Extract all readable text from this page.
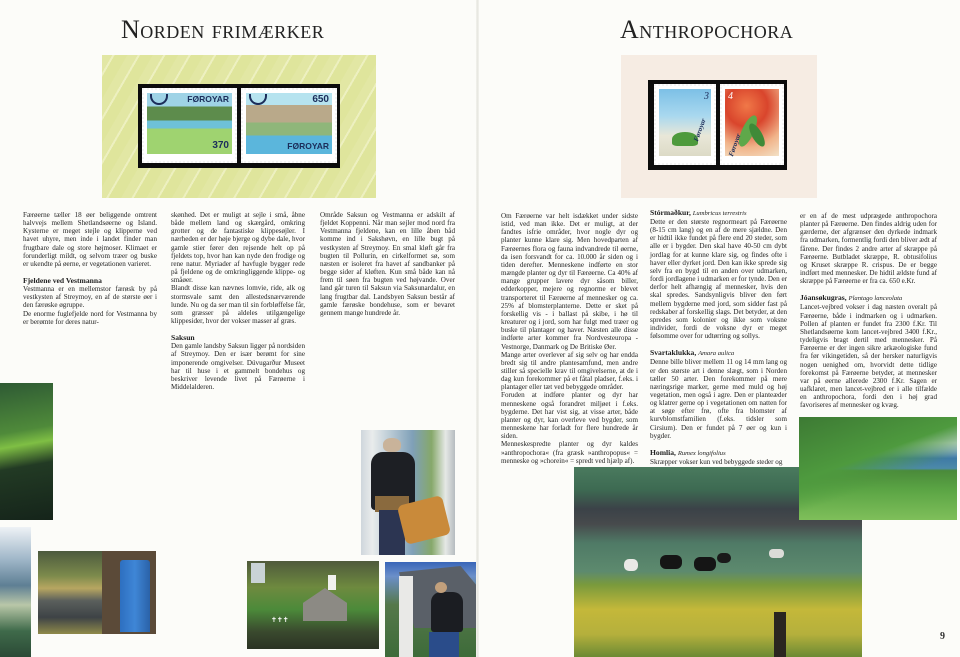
Norden frimærker
FØROYAR
370
650
FØROYAR

Færøerne tæller 18 øer beliggende omtrent halvvejs mellem Shetlandsøerne og Island. Kysterne er meget stejle og klipperne ved havet uhyre, men inde i landet finder man frugtbare dale og store højmoser. Klimaet er forunderligt mildt, og selvom træer og buske er ukendte på øerne, er vegetationen varieret.

Fjeldene ved Vestmanna

Vestmanna er en mellemstor færøsk by på vestkysten af Streymoy, en af de største øer i den færøske øgruppe.

De enorme fuglefjelde nord for Vestmanna by er berømte for deres natur-

skønhed. Det er muligt at sejle i små, åbne både mellem land og skærgård, omkring grotter og de fantastiske klippesøjler. I nærheden er der høje bjerge og dybe dale, hvor gamle stier fører den rejsende helt op på fjeldets top, hvor han kan nyde den frodige og rene natur. Myriader af havfugle bygger rede på fjeldene og de omkringliggende klippe- og småøer.

Blandt disse kan nævnes lomvie, ride, alk og stormsvale samt den allestedsnærværende lunde. Nu og da ser man til sin forbløffelse får, som græsser på aldeles utilgængelige klippesider, hvor der vokser masser af græs.

Saksun

Den gamle landsby Saksun ligger på nordsiden af Streymoy. Den er især berømt for sine imponerende omgivelser. Dúvugarður Museet har til huse i et gammelt bondehus og beskriver levende livet på Færøerne i Middelalderen.

Område Saksun og Vestmanna er adskilt af fjeldet Koppenni. Når man sejler mod nord fra Vestmanna fjeldene, kan en lille åben båd komme ind i Sakshøvn, en lille bugt på vestkysten af Streymoy. En smal kløft går fra bugten til Pollurin, en cirkelformet sø, som næsten er isoleret fra havet af sandbanker på begge sider af kløften. Kun små både kan nå frem til søen fra bugten ved højvande. Over land går turen til Saksun via Saksunardalur, en lang frugtbar dal. Landsbyen Saksun består af gamle færøske bondehuse, som er bevaret gennem mange hundrede år.

✝✝✝
Anthropochora
3
Føroyar
4
Føroyar

Om Færøerne var helt isdækket under sidste istid, ved man ikke. Det er muligt, at der fandtes isfrie områder, hvor nogle dyr og planter kunne klare sig. Men hovedparten af Færøernes flora og fauna indvandrede til øerne, da isen forsvandt for ca. 10.000 år siden og i tiden derefter. Menneskene indførte en stor mængde planter og dyr til Færøerne. Ca 40% af mange grupper lavere dyr såsom biller, edderkopper, mejere og regnorme er blevet transporteret til Færøerne af mennesker og ca. 25% af blomsterplanterne. Dette er sket på forskellig vis - i ballast på skibe, i hø til kreaturer og i jord, som har fulgt med træer og buske til plantager og haver. Næsten alle disse indførte arter kommer fra Nordvesteuropa - Vestnorge, Danmark og De Britiske Øer.

Mange arter overlever af sig selv og har endda bredt sig til andre plantesamfund, men andre stiller så specielle krav til omgivelserne, at de i dag kun forekommer på et fåtal pladser, f.eks. i plantager eller tæt ved bebyggede områder.

Foruden at indføre planter og dyr har menneskene også forandret miljøet i f.eks. bygderne. Det har vist sig, at visse arter, både planter og dyr, kan overleve ved bygder, som menneskene har forladt for flere hundrede år siden.

Menneskespredte planter og dyr kaldes »anthropochora« (fra græsk »anthropopus« = menneske og »chorein« = spredt ved hjælp af).

Stórmaðkur, Lumbricus terrestris

Dette er den største regnormeart på Færøerne (8-15 cm lang) og en af de mere sjældne. Den er hidtil ikke fundet på flere end 20 steder, som alle er i bygder. Den skal have 40-50 cm dybt jordlag for at kunne klare sig, og findes ofte i haver eller dyrket jord. Den kan ikke sprede sig selv fra en bygd til en anden over udmarken, fordi jordlagene i udmarken er for tynde. Den er derfor helt afhængig af mennesker, hvis den skal spredes. Sandsynligvis bliver den ført mellem bygderne med jord, som sidder fast på redskaber af forskellig slags. Det betyder, at den spredes som kolonier og ikke som voksne individer, fordi de voksne dyr er meget følsomme over for udtørring og sollys.

Svartaklukka, Amara aulica

Denne bille bliver mellem 11 og 14 mm lang og er den største art i denne slægt, som i Norden tæller 50 arter. Den forekommer på mere næringsrige marker, gerne med muld og høj vegetation, men også i agre. Den er planteæder og klatrer gerne op i vegetationen om natten for at søge efter frø, ofte fra blomster af kurvblomstfamilien (f.eks. tidsler som Cirsium). Den er fundet på 7 øer og kun i bygder.

Homlia, Rumex longifolius

Skræpper vokser kun ved bebyggede steder og

er en af de mest udprægede anthropochora planter på Færøerne. Den findes aldrig uden for gærderne, der afgrænser den dyrkede indmark fra udmarken, formentlig fordi den bliver ædt af fårene. Der findes 2 andre arter af skræppe på Færøerne. Butbladet skræppe, R. obtusifolius og Kruset skræppe R. crispus. De er begge indført med mennesker. De hidtil ældste fund af skræppe på Færøerne er fra ca. 650 e.Kr.

Jóansøkugras, Plantago lanceolata

Lancet-vejbred vokser i dag næsten overalt på Færøerne, både i indmarken og i udmarken. Pollen af planten er fundet fra 2300 f.Kr. Til Shetlandsøerne kom lancet-vejbred 3400 f.Kr., tydeligvis bragt dertil med mennesker. På Færøerne er der ingen sikre arkæologiske fund fra før vikingetiden, så der hersker naturligvis nogen uenighed om, hvorvidt dette tidlige forekomst på Færøerne betyder, at mennesker var på øerne allerede 2300 f.Kr. Sagen er uafklaret, men lancet-vejbred er i alle tilfælde en anthropochora, fordi den i høj grad favoriseres af mennesker og kvæg.

9
